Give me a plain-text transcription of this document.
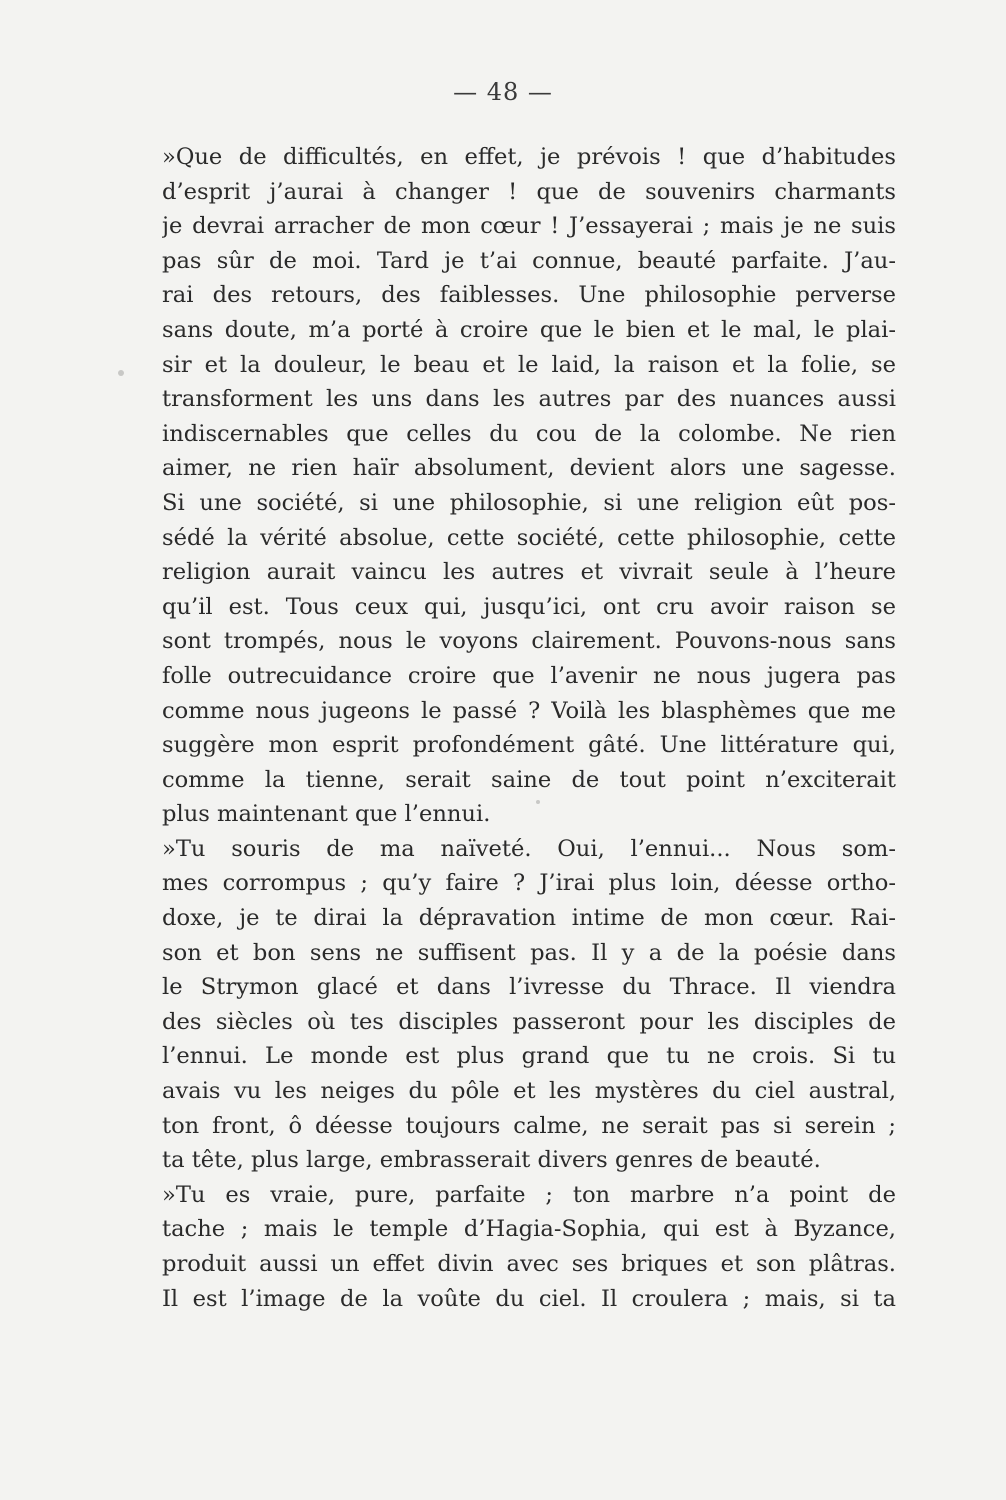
— 48 —
»Que de difficultés, en effet, je prévois ! que d’habitudes
d’esprit j’aurai à changer ! que de souvenirs charmants
je devrai arracher de mon cœur ! J’essayerai ; mais je ne suis
pas sûr de moi. Tard je t’ai connue, beauté parfaite. J’au-
rai des retours, des faiblesses. Une philosophie perverse
sans doute, m’a porté à croire que le bien et le mal, le plai-
sir et la douleur, le beau et le laid, la raison et la folie, se
transforment les uns dans les autres par des nuances aussi
indiscernables que celles du cou de la colombe. Ne rien
aimer, ne rien haïr absolument, devient alors une sagesse.
Si une société, si une philosophie, si une religion eût pos-
sédé la vérité absolue, cette société, cette philosophie, cette
religion aurait vaincu les autres et vivrait seule à l’heure
qu’il est. Tous ceux qui, jusqu’ici, ont cru avoir raison se
sont trompés, nous le voyons clairement. Pouvons-nous sans
folle outrecuidance croire que l’avenir ne nous jugera pas
comme nous jugeons le passé ? Voilà les blasphèmes que me
suggère mon esprit profondément gâté. Une littérature qui,
comme la tienne, serait saine de tout point n’exciterait
plus maintenant que l’ennui.
»Tu souris de ma naïveté. Oui, l’ennui... Nous som-
mes corrompus ; qu’y faire ? J’irai plus loin, déesse ortho-
doxe, je te dirai la dépravation intime de mon cœur. Rai-
son et bon sens ne suffisent pas. Il y a de la poésie dans
le Strymon glacé et dans l’ivresse du Thrace. Il viendra
des siècles où tes disciples passeront pour les disciples de
l’ennui. Le monde est plus grand que tu ne crois. Si tu
avais vu les neiges du pôle et les mystères du ciel austral,
ton front, ô déesse toujours calme, ne serait pas si serein ;
ta tête, plus large, embrasserait divers genres de beauté.
»Tu es vraie, pure, parfaite ; ton marbre n’a point de
tache ; mais le temple d’Hagia-Sophia, qui est à Byzance,
produit aussi un effet divin avec ses briques et son plâtras.
Il est l’image de la voûte du ciel. Il croulera ; mais, si ta
